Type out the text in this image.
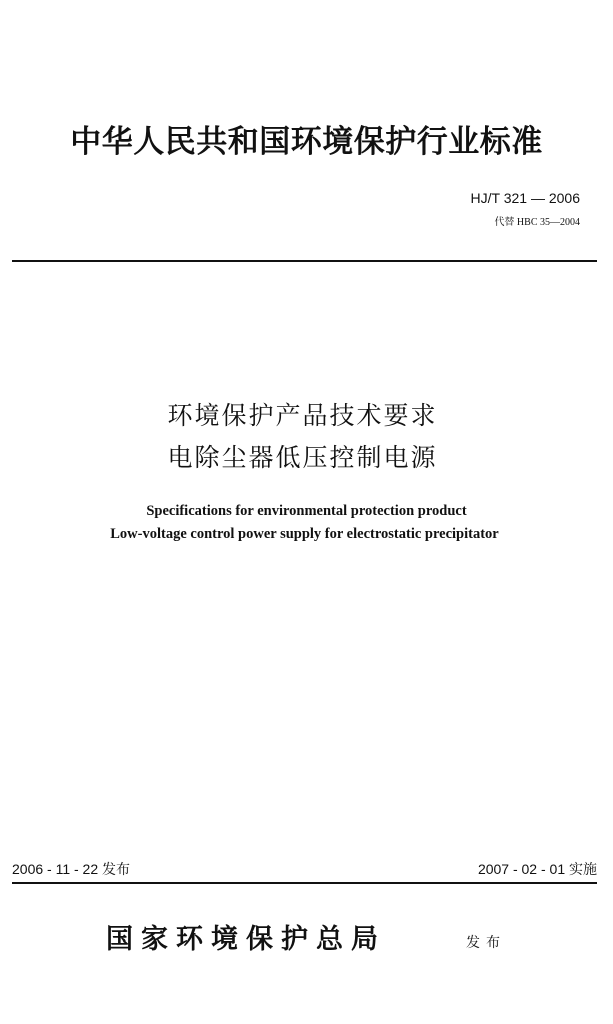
中华人民共和国环境保护行业标准
HJ/T 321 — 2006
代替 HBC 35—2004
环境保护产品技术要求
电除尘器低压控制电源
Specifications for environmental protection product
Low-voltage control power supply for electrostatic precipitator
2006 - 11 - 22 发布	2007 - 02 - 01 实施
国家环境保护总局	发布
